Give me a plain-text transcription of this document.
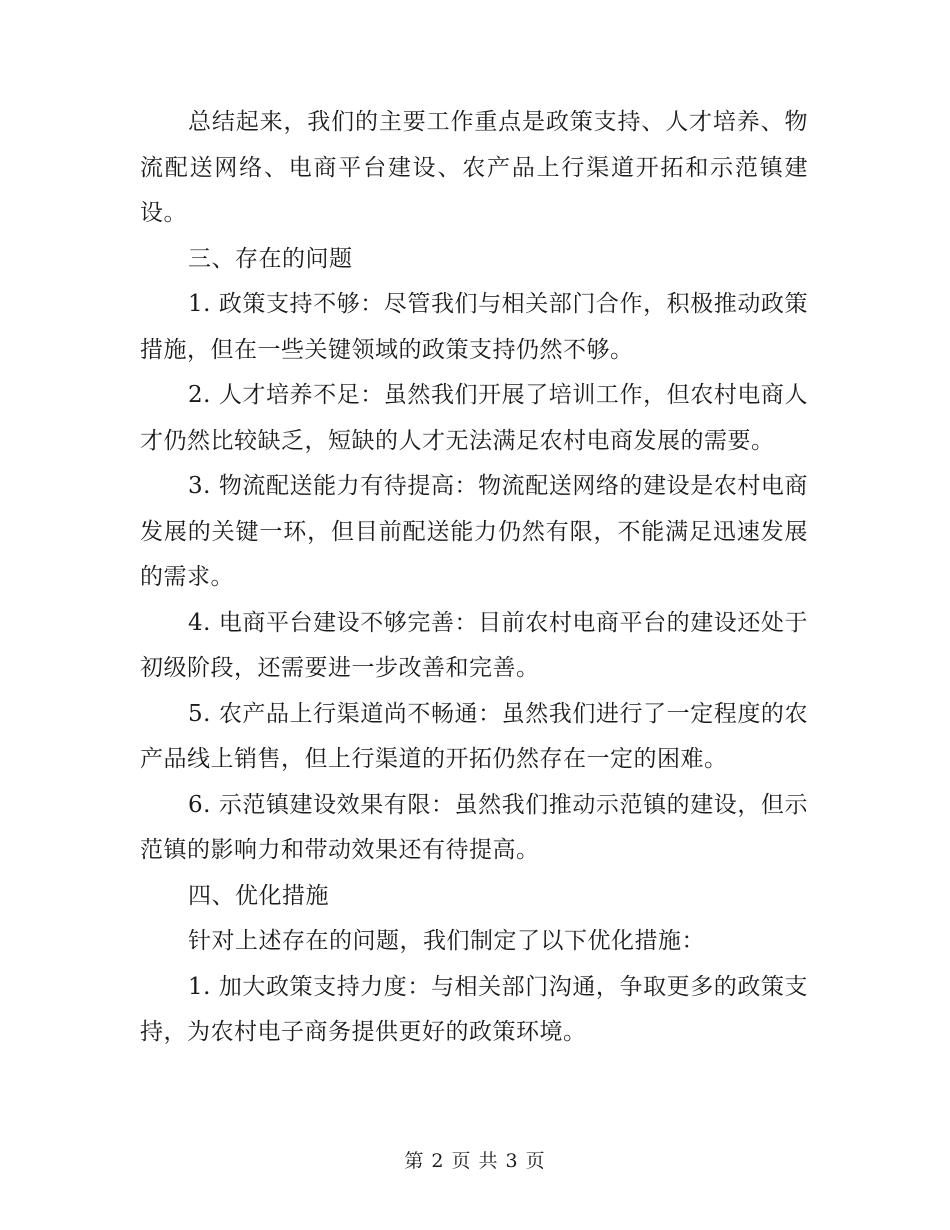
总结起来，我们的主要工作重点是政策支持、人才培养、物流配送网络、电商平台建设、农产品上行渠道开拓和示范镇建设。

三、存在的问题

1. 政策支持不够：尽管我们与相关部门合作，积极推动政策措施，但在一些关键领域的政策支持仍然不够。

2. 人才培养不足：虽然我们开展了培训工作，但农村电商人才仍然比较缺乏，短缺的人才无法满足农村电商发展的需要。

3. 物流配送能力有待提高：物流配送网络的建设是农村电商发展的关键一环，但目前配送能力仍然有限，不能满足迅速发展的需求。

4. 电商平台建设不够完善：目前农村电商平台的建设还处于初级阶段，还需要进一步改善和完善。

5. 农产品上行渠道尚不畅通：虽然我们进行了一定程度的农产品线上销售，但上行渠道的开拓仍然存在一定的困难。

6. 示范镇建设效果有限：虽然我们推动示范镇的建设，但示范镇的影响力和带动效果还有待提高。

四、优化措施

针对上述存在的问题，我们制定了以下优化措施：

1. 加大政策支持力度：与相关部门沟通，争取更多的政策支持，为农村电子商务提供更好的政策环境。

第 2 页 共 3 页
